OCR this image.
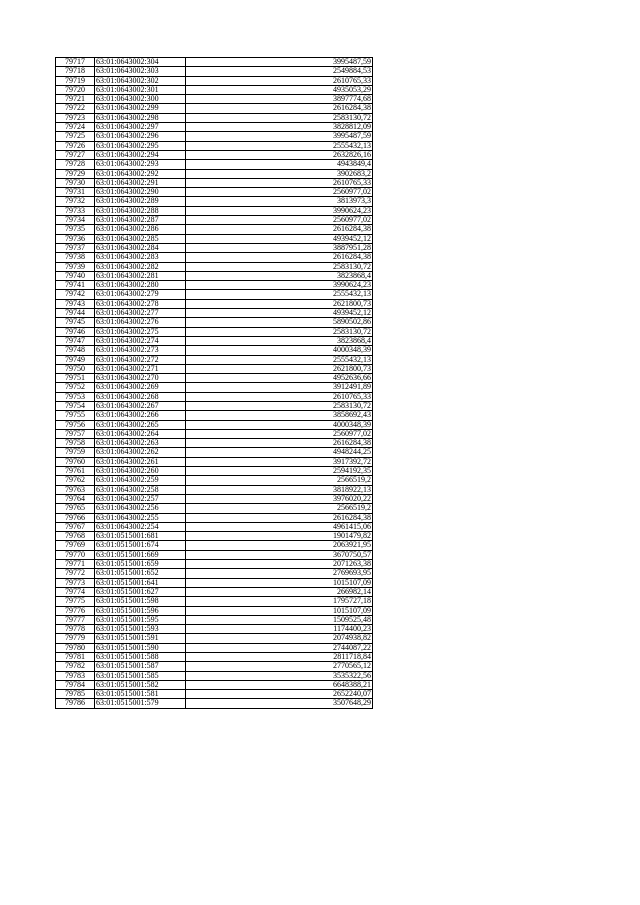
79717	63:01:0643002:304	3995487,59
79718	63:01:0643002:303	2549884,53
79719	63:01:0643002:302	2610765,33
79720	63:01:0643002:301	4935053,29
79721	63:01:0643002:300	3897774,68
79722	63:01:0643002:299	2616284,38
79723	63:01:0643002:298	2583130,72
79724	63:01:0643002:297	3828812,09
79725	63:01:0643002:296	3995487,59
79726	63:01:0643002:295	2555432,13
79727	63:01:0643002:294	2632826,16
79728	63:01:0643002:293	4943849,4
79729	63:01:0643002:292	3902683,2
79730	63:01:0643002:291	2610765,33
79731	63:01:0643002:290	2560977,02
79732	63:01:0643002:289	3813973,3
79733	63:01:0643002:288	3990624,23
79734	63:01:0643002:287	2560977,02
79735	63:01:0643002:286	2616284,38
79736	63:01:0643002:285	4939452,12
79737	63:01:0643002:284	3887951,28
79738	63:01:0643002:283	2616284,38
79739	63:01:0643002:282	2583130,72
79740	63:01:0643002:281	3823868,4
79741	63:01:0643002:280	3990624,23
79742	63:01:0643002:279	2555432,13
79743	63:01:0643002:278	2621800,73
79744	63:01:0643002:277	4939452,12
79745	63:01:0643002:276	5890502,86
79746	63:01:0643002:275	2583130,72
79747	63:01:0643002:274	3823868,4
79748	63:01:0643002:273	4000348,39
79749	63:01:0643002:272	2555432,13
79750	63:01:0643002:271	2621800,73
79751	63:01:0643002:270	4952636,66
79752	63:01:0643002:269	3912491,89
79753	63:01:0643002:268	2610765,33
79754	63:01:0643002:267	2583130,72
79755	63:01:0643002:266	3858692,43
79756	63:01:0643002:265	4000348,39
79757	63:01:0643002:264	2560977,02
79758	63:01:0643002:263	2616284,38
79759	63:01:0643002:262	4948244,25
79760	63:01:0643002:261	3917392,72
79761	63:01:0643002:260	2594192,35
79762	63:01:0643002:259	2566519,2
79763	63:01:0643002:258	3818922,13
79764	63:01:0643002:257	3976020,22
79765	63:01:0643002:256	2566519,2
79766	63:01:0643002:255	2616284,38
79767	63:01:0643002:254	4961415,06
79768	63:01:0515001:681	1901479,82
79769	63:01:0515001:674	2063921,95
79770	63:01:0515001:669	3670750,57
79771	63:01:0515001:659	2071263,38
79772	63:01:0515001:652	2769693,95
79773	63:01:0515001:641	1015107,09
79774	63:01:0515001:627	266982,14
79775	63:01:0515001:598	1795727,18
79776	63:01:0515001:596	1015107,09
79777	63:01:0515001:595	1509525,48
79778	63:01:0515001:593	1174400,23
79779	63:01:0515001:591	2074938,82
79780	63:01:0515001:590	2744087,22
79781	63:01:0515001:588	2811718,84
79782	63:01:0515001:587	2770565,12
79783	63:01:0515001:585	3535322,56
79784	63:01:0515001:582	6648388,21
79785	63:01:0515001:581	2652240,07
79786	63:01:0515001:579	3507648,29
